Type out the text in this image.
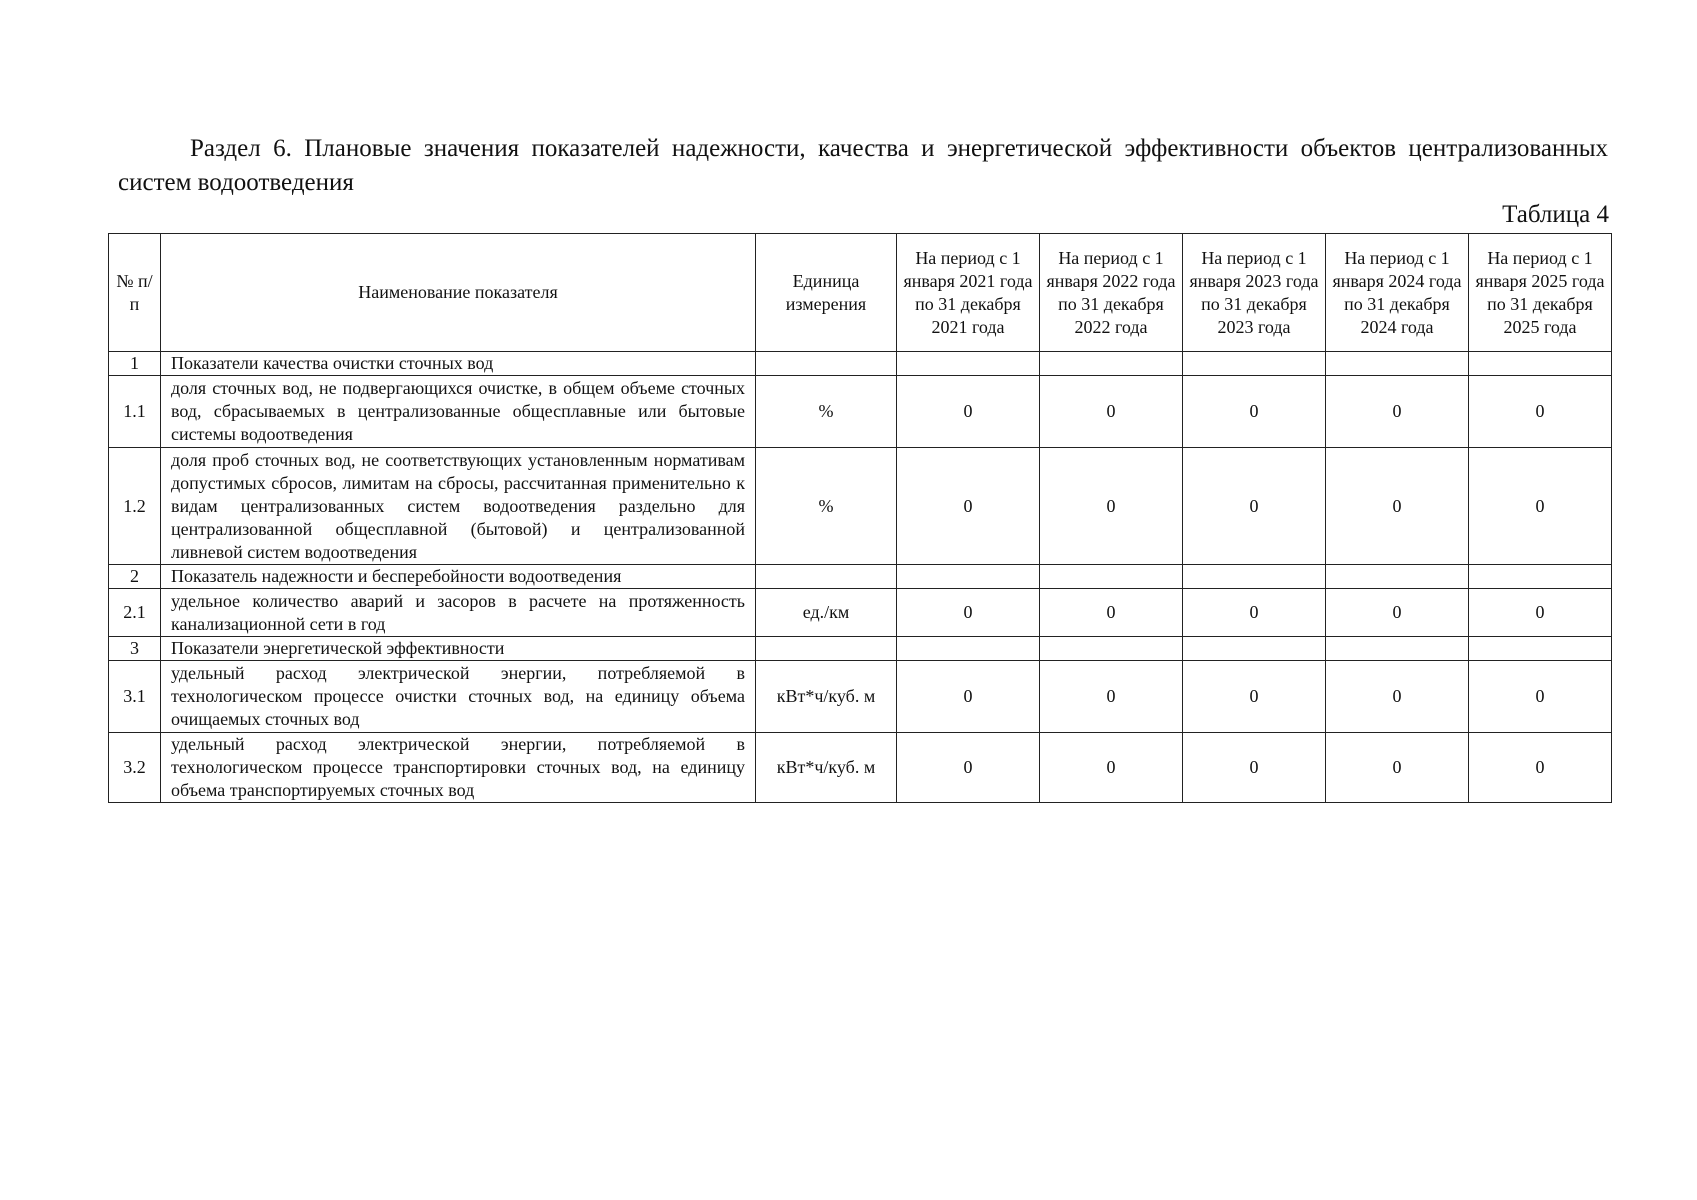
Раздел 6. Плановые значения показателей надежности, качества и энергетической эффективности объектов централизованных систем водоотведения
Таблица 4
№ п/п	Наименование показателя	Единица измерения	На период с 1 января 2021 года по 31 декабря 2021 года	На период с 1 января 2022 года по 31 декабря 2022 года	На период с 1 января 2023 года по 31 декабря 2023 года	На период с 1 января 2024 года по 31 декабря 2024 года	На период с 1 января 2025 года по 31 декабря 2025 года
1	Показатели качества очистки сточных вод						
1.1	доля сточных вод, не подвергающихся очистке, в общем объеме сточных вод, сбрасываемых в централизованные общесплавные или бытовые системы водоотведения	%	0	0	0	0	0
1.2	доля проб сточных вод, не соответствующих установленным нормативам допустимых сбросов, лимитам на сбросы, рассчитанная применительно к видам централизованных систем водоотведения раздельно для централизованной общесплавной (бытовой) и централизованной ливневой систем водоотведения	%	0	0	0	0	0
2	Показатель надежности и бесперебойности водоотведения						
2.1	удельное количество аварий и засоров в расчете на протяженность канализационной сети в год	ед./км	0	0	0	0	0
3	Показатели энергетической эффективности						
3.1	удельный расход электрической энергии, потребляемой в технологическом процессе очистки сточных вод, на единицу объема очищаемых сточных вод	кВт*ч/куб. м	0	0	0	0	0
3.2	удельный расход электрической энергии, потребляемой в технологическом процессе транспортировки сточных вод, на единицу объема транспортируемых сточных вод	кВт*ч/куб. м	0	0	0	0	0
